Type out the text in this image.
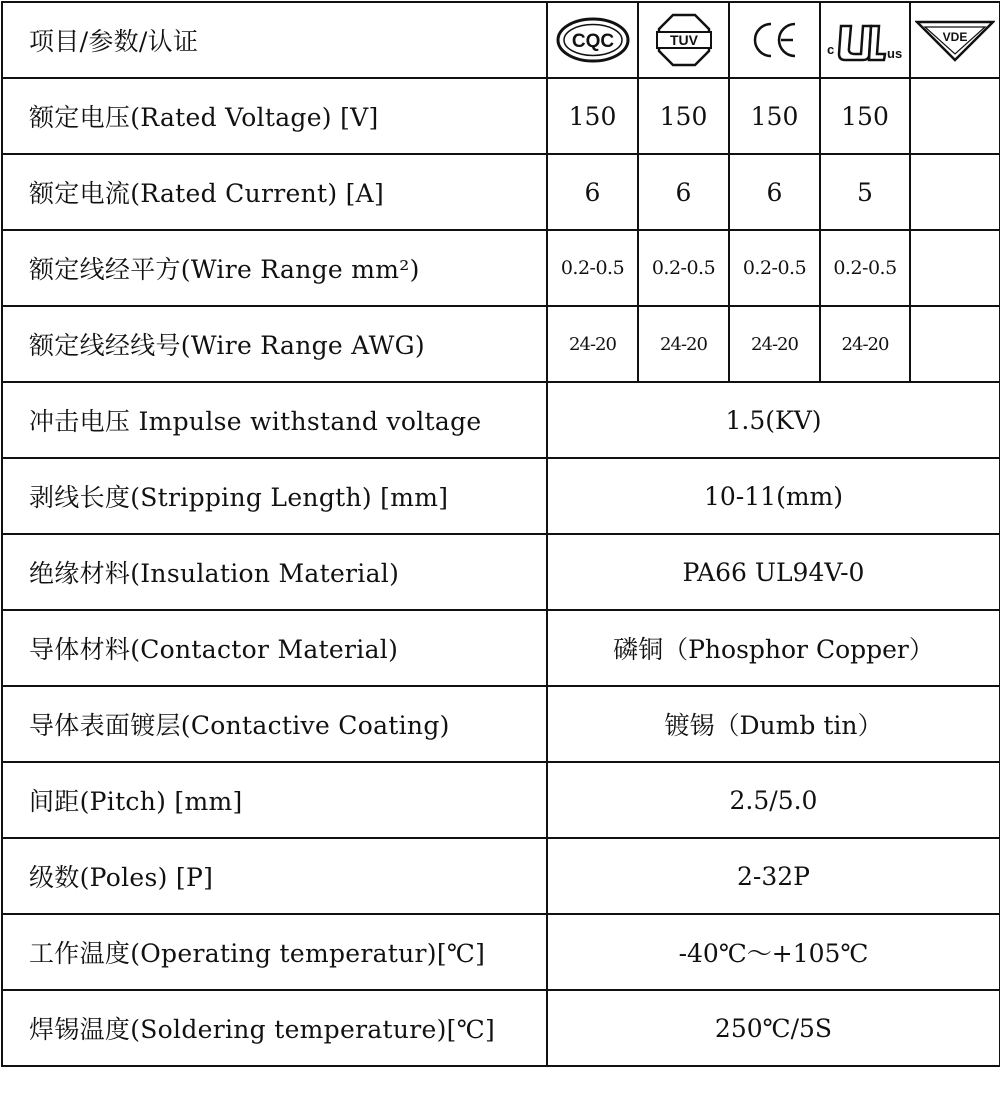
项目/参数/认证	CQC	TUV		c us	VDE

额定电压(Rated Voltage) [V]	150	150	150	150	
额定电流(Rated Current) [A]	6	6	6	5	
额定线经平方(Wire Range mm²)	0.2-0.5	0.2-0.5	0.2-0.5	0.2-0.5	
额定线经线号(Wire Range AWG)	24-20	24-20	24-20	24-20	
冲击电压 Impulse withstand voltage	1.5(KV)				
剥线长度(Stripping Length) [mm]	10-11(mm)				
绝缘材料(Insulation Material)	PA66 UL94V-0				
导体材料(Contactor Material)	磷铜（Phosphor Copper）				
导体表面镀层(Contactive Coating)	镀锡（Dumb tin）				
间距(Pitch) [mm]	2.5/5.0				
级数(Poles) [P]	2-32P				
工作温度(Operating temperatur)[℃]	-40℃～+105℃				
焊锡温度(Soldering temperature)[℃]	250℃/5S				
